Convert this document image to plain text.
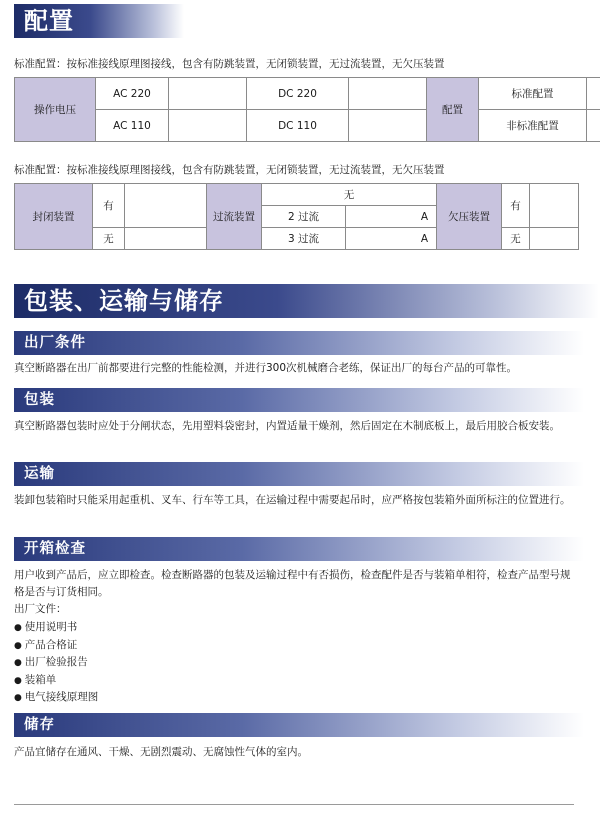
配置
标准配置：按标准接线原理图接线，包含有防跳装置，无闭锁装置，无过流装置，无欠压装置
操作电压	AC 220		DC 220		配置	标准配置	
	AC 110		DC 110			非标准配置	
标准配置：按标准接线原理图接线，包含有防跳装置，无闭锁装置，无过流装置，无欠压装置
封闭装置	有		过流装置	无		欠压装置	有	
				2 过流	A			
	无			3 过流	A		无	
包装、运输与储存
出厂条件
真空断路器在出厂前都要进行完整的性能检测，并进行300次机械磨合老练，保证出厂的每台产品的可靠性。
包装
真空断路器包装时应处于分闸状态，先用塑料袋密封，内置适量干燥剂，然后固定在木制底板上，最后用胶合板安装。
运输
装卸包装箱时只能采用起重机、叉车、行车等工具，在运输过程中需要起吊时，应严格按包装箱外面所标注的位置进行。
开箱检查
用户收到产品后，应立即检查。检查断路器的包装及运输过程中有否损伤，检查配件是否与装箱单相符，检查产品型号规格是否与订货相同。
出厂文件：
● 使用说明书
● 产品合格证
● 出厂检验报告
● 装箱单
● 电气接线原理图
储存
产品宜储存在通风、干燥、无剧烈震动、无腐蚀性气体的室内。
